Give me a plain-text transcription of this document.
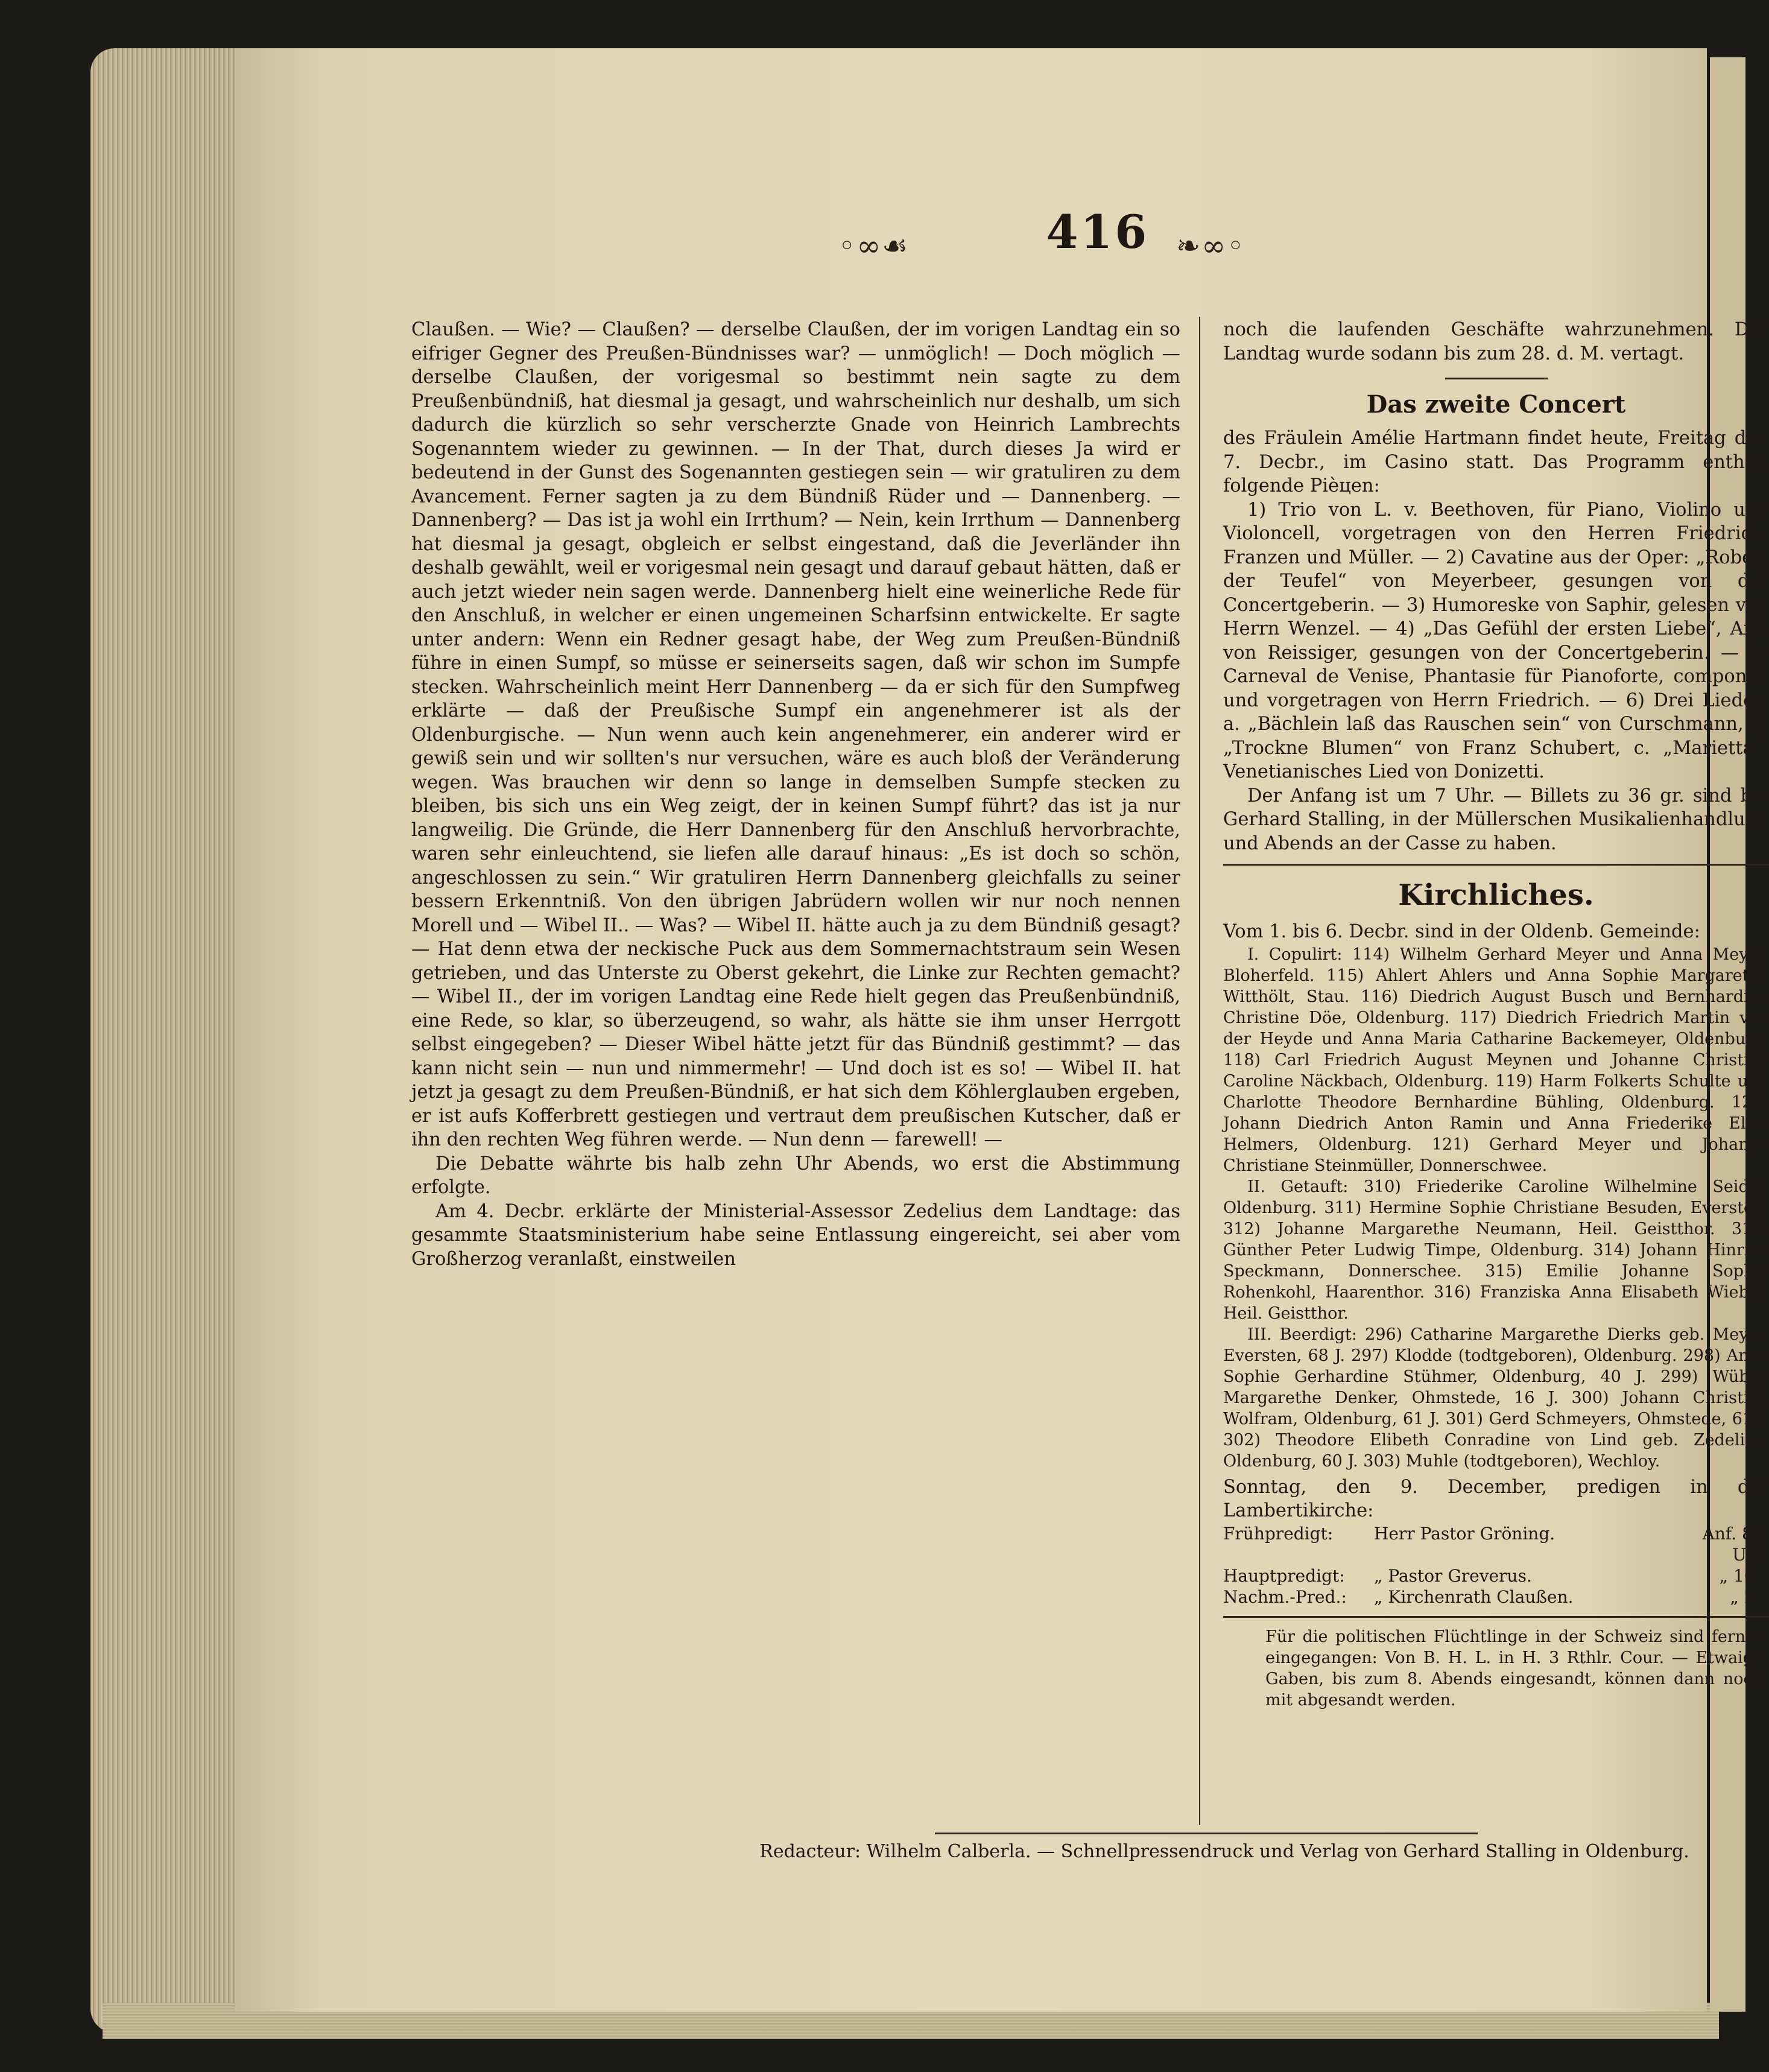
◦∞☙	416 ❧∞◦

Claußen. — Wie? — Claußen? — derselbe Claußen, der im vorigen Landtag ein so eifriger Gegner des Preußen-Bündnisses war? — unmöglich! — Doch möglich — derselbe Claußen, der vorigesmal so bestimmt nein sagte zu dem Preußenbündniß, hat diesmal ja gesagt, und wahrscheinlich nur deshalb, um sich dadurch die kürzlich so sehr verscherzte Gnade von Heinrich Lambrechts Sogenanntem wieder zu gewinnen. — In der That, durch dieses Ja wird er bedeutend in der Gunst des Sogenannten gestiegen sein — wir gratuliren zu dem Avancement. Ferner sagten ja zu dem Bündniß Rüder und — Dannenberg. — Dannenberg? — Das ist ja wohl ein Irrthum? — Nein, kein Irrthum — Dannenberg hat diesmal ja gesagt, obgleich er selbst eingestand, daß die Jeverländer ihn deshalb gewählt, weil er vorigesmal nein gesagt und darauf gebaut hätten, daß er auch jetzt wieder nein sagen werde. Dannenberg hielt eine weinerliche Rede für den Anschluß, in welcher er einen ungemeinen Scharfsinn entwickelte. Er sagte unter andern: Wenn ein Redner gesagt habe, der Weg zum Preußen-Bündniß führe in einen Sumpf, so müsse er seinerseits sagen, daß wir schon im Sumpfe stecken. Wahrscheinlich meint Herr Dannenberg — da er sich für den Sumpfweg erklärte — daß der Preußische Sumpf ein angenehmerer ist als der Oldenburgische. — Nun wenn auch kein angenehmerer, ein anderer wird er gewiß sein und wir sollten's nur versuchen, wäre es auch bloß der Veränderung wegen. Was brauchen wir denn so lange in demselben Sumpfe stecken zu bleiben, bis sich uns ein Weg zeigt, der in keinen Sumpf führt? das ist ja nur langweilig. Die Gründe, die Herr Dannenberg für den Anschluß hervorbrachte, waren sehr einleuchtend, sie liefen alle darauf hinaus: „Es ist doch so schön, angeschlossen zu sein.“ Wir gratuliren Herrn Dannenberg gleichfalls zu seiner bessern Erkenntniß. Von den übrigen Jabrüdern wollen wir nur noch nennen Morell und — Wibel II.. — Was? — Wibel II. hätte auch ja zu dem Bündniß gesagt? — Hat denn etwa der neckische Puck aus dem Sommernachtstraum sein Wesen getrieben, und das Unterste zu Oberst gekehrt, die Linke zur Rechten gemacht? — Wibel II., der im vorigen Landtag eine Rede hielt gegen das Preußenbündniß, eine Rede, so klar, so überzeugend, so wahr, als hätte sie ihm unser Herrgott selbst eingegeben? — Dieser Wibel hätte jetzt für das Bündniß gestimmt? — das kann nicht sein — nun und nimmermehr! — Und doch ist es so! — Wibel II. hat jetzt ja gesagt zu dem Preußen-Bündniß, er hat sich dem Köhlerglauben ergeben, er ist aufs Kofferbrett gestiegen und vertraut dem preußischen Kutscher, daß er ihn den rechten Weg führen werde. — Nun denn — farewell! —

Die Debatte währte bis halb zehn Uhr Abends, wo erst die Abstimmung erfolgte.

Am 4. Decbr. erklärte der Ministerial-Assessor Zedelius dem Landtage: das gesammte Staatsministerium habe seine Entlassung eingereicht, sei aber vom Großherzog veranlaßt, einstweilen

noch die laufenden Geschäfte wahrzunehmen. Der Landtag wurde sodann bis zum 28. d. M. vertagt.

Das zweite Concert

des Fräulein Amélie Hartmann findet heute, Freitag den 7. Decbr., im Casino statt. Das Programm enthält folgende Pièцen:

1) Trio von L. v. Beethoven, für Piano, Violino und Violoncell, vorgetragen von den Herren Friedrich, Franzen und Müller. — 2) Cavatine aus der Oper: „Robert der Teufel“ von Meyerbeer, gesungen von der Concertgeberin. — 3) Humoreske von Saphir, gelesen von Herrn Wenzel. — 4) „Das Gefühl der ersten Liebe“, Arie von Reissiger, gesungen von der Concertgeberin. — 5) Carneval de Venise, Phantasie für Pianoforte, componirt und vorgetragen von Herrn Friedrich. — 6) Drei Lieder: a. „Bächlein laß das Rauschen sein“ von Curschmann, b. „Trockne Blumen“ von Franz Schubert, c. „Marietta“, Venetianisches Lied von Donizetti.

Der Anfang ist um 7 Uhr. — Billets zu 36 gr. sind bei Gerhard Stalling, in der Müllerschen Musikalienhandlung und Abends an der Casse zu haben.

Kirchliches.

Vom 1. bis 6. Decbr. sind in der Oldenb. Gemeinde:

I. Copulirt: 114) Wilhelm Gerhard Meyer und Anna Meyer, Bloherfeld. 115) Ahlert Ahlers und Anna Sophie Margarethe Witthölt, Stau. 116) Diedrich August Busch und Bernhardine Christine Döe, Oldenburg. 117) Diedrich Friedrich Martin von der Heyde und Anna Maria Catharine Backemeyer, Oldenburg. 118) Carl Friedrich August Meynen und Johanne Christine Caroline Näckbach, Oldenburg. 119) Harm Folkerts Schulte und Charlotte Theodore Bernhardine Bühling, Oldenburg. 120) Johann Diedrich Anton Ramin und Anna Friederike Elise Helmers, Oldenburg. 121) Gerhard Meyer und Johanne Christiane Steinmüller, Donnerschwee.

II. Getauft: 310) Friederike Caroline Wilhelmine Seidel, Oldenburg. 311) Hermine Sophie Christiane Besuden, Eversten. 312) Johanne Margarethe Neumann, Heil. Geistthor. 313) Günther Peter Ludwig Timpe, Oldenburg. 314) Johann Hinrich Speckmann, Donnerschee. 315) Emilie Johanne Sophie Rohenkohl, Haarenthor. 316) Franziska Anna Elisabeth Wiebel, Heil. Geistthor.

III. Beerdigt: 296) Catharine Margarethe Dierks geb. Meyer, Eversten, 68 J. 297) Klodde (todtgeboren), Oldenburg. 298) Anna Sophie Gerhardine Stühmer, Oldenburg, 40 J. 299) Wübke Margarethe Denker, Ohmstede, 16 J. 300) Johann Christian Wolfram, Oldenburg, 61 J. 301) Gerd Schmeyers, Ohmstede, 61 J. 302) Theodore Elibeth Conradine von Lind geb. Zedelius, Oldenburg, 60 J. 303) Muhle (todtgeboren), Wechloy.

Sonntag, den 9. December, predigen in der Lambertikirche:

Frühpredigt:	Herr Pastor Gröning.	Anf. 8½ Uhr.
Hauptpredigt:	„ Pastor Greverus.	„ 10 „
Nachm.-Pred.:	„ Kirchenrath Claußen.	„ 2 „

Für die politischen Flüchtlinge in der Schweiz sind ferner eingegangen: Von B. H. L. in H. 3 Rthlr. Cour. — Etwaige Gaben, bis zum 8. Abends eingesandt, können dann noch mit abgesandt werden.

Redacteur: Wilhelm Calberla. — Schnellpressendruck und Verlag von Gerhard Stalling in Oldenburg.
